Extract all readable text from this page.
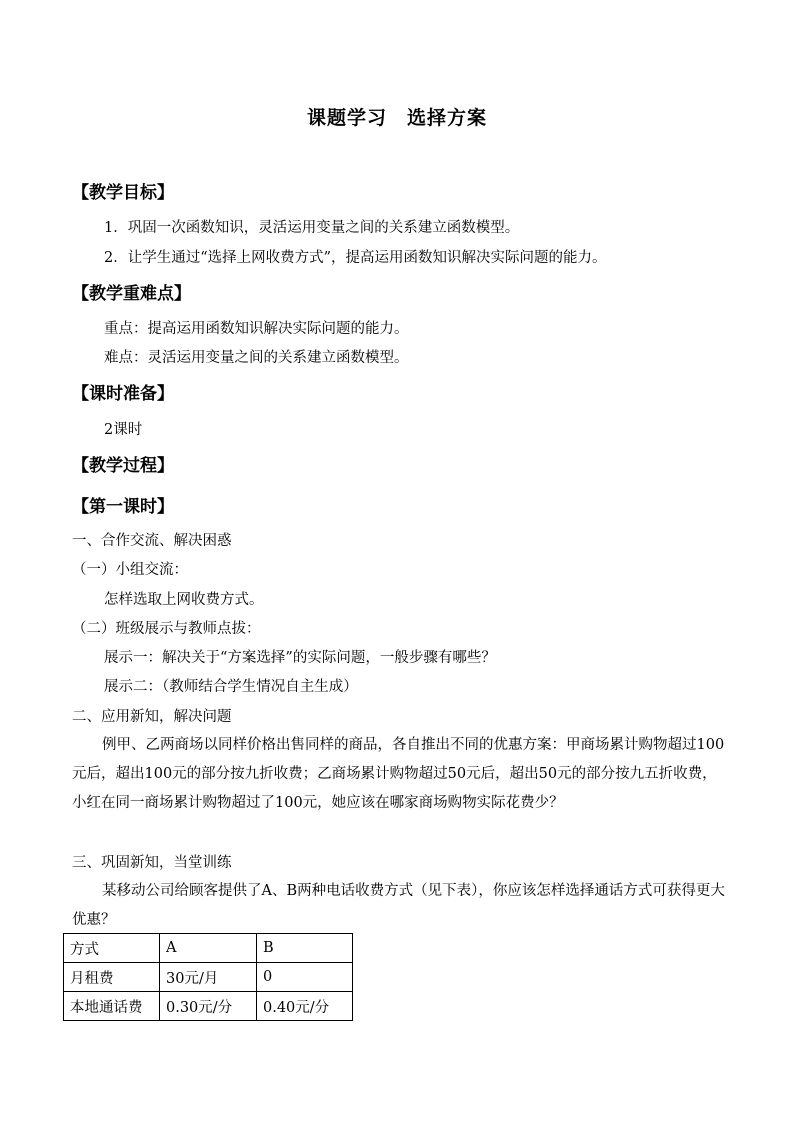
课题学习　选择方案
【教学目标】
1．巩固一次函数知识，灵活运用变量之间的关系建立函数模型。
2．让学生通过“选择上网收费方式”，提高运用函数知识解决实际问题的能力。
【教学重难点】
重点：提高运用函数知识解决实际问题的能力。
难点：灵活运用变量之间的关系建立函数模型。
【课时准备】
2课时
【教学过程】
【第一课时】
一、合作交流、解决困惑
（一）小组交流：
怎样选取上网收费方式。
（二）班级展示与教师点拔：
展示一：解决关于“方案选择”的实际问题，一般步骤有哪些？
展示二：（教师结合学生情况自主生成）
二、应用新知，解决问题
例甲、乙两商场以同样价格出售同样的商品，各自推出不同的优惠方案：甲商场累计购物超过100元后，超出100元的部分按九折收费；乙商场累计购物超过50元后，超出50元的部分按九五折收费，小红在同一商场累计购物超过了100元，她应该在哪家商场购物实际花费少？
三、巩固新知，当堂训练
某移动公司给顾客提供了A、B两种电话收费方式（见下表），你应该怎样选择通话方式可获得更大优惠？
方式	A	B
月租费	30元/月	0
本地通话费	0.30元/分	0.40元/分
